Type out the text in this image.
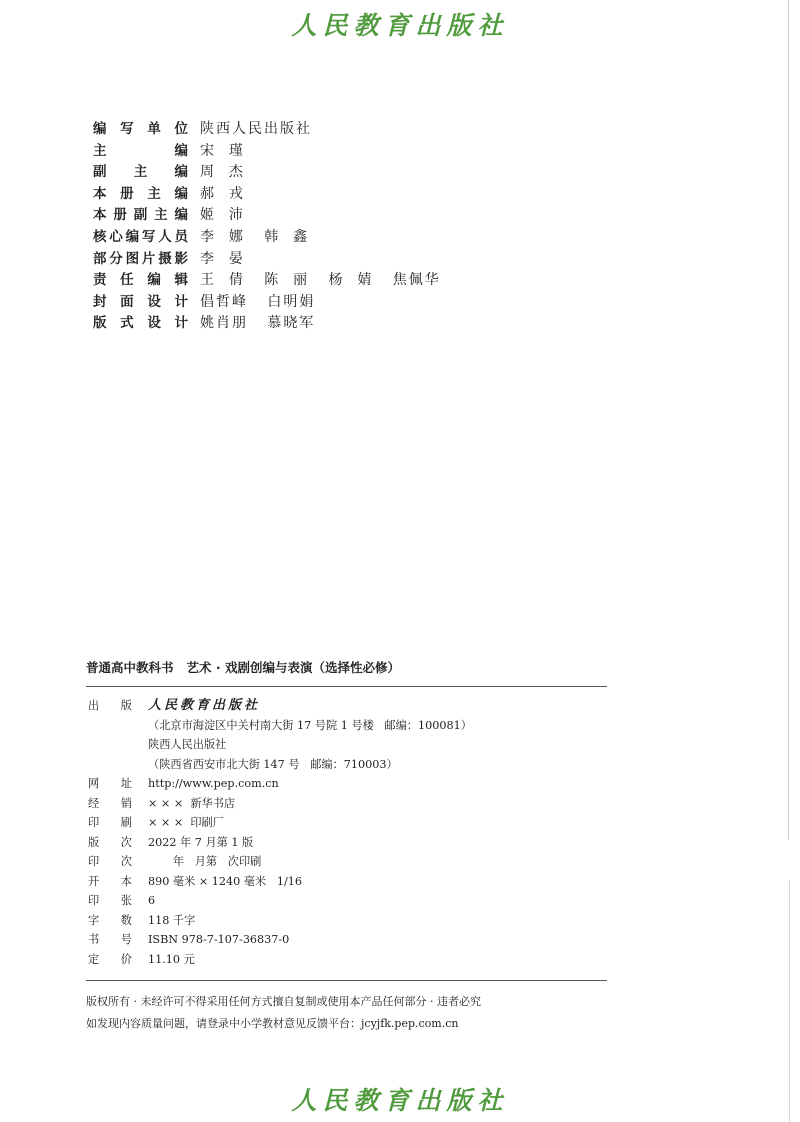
人民教育出版社
编 写 单 位 陕西人民出版社
主	编 宋  瑾
副 主 编 周  杰
本 册 主 编 郝  戎
本 册 副 主 编 姬  沛
核 心 编 写 人 员 李  娜   韩  鑫
部 分 图 片 摄 影 李  晏
责 任 编 辑 王  倩   陈  丽   杨  婧   焦佩华
封 面 设 计 倡哲峰   白明娟
版 式 设 计 姚肖朋   慕晓军
普通高中教科书   艺术 · 戏剧创编与表演（选择性必修）
出 版 人民教育出版社
（北京市海淀区中关村南大街 17 号院 1 号楼   邮编：100081）
陕西人民出版社
（陕西省西安市北大街 147 号   邮编：710003）
网 址 http://www.pep.com.cn
经 销 × × ×  新华书店
印 刷 × × ×  印刷厂
版 次 2022 年 7 月第 1 版
印 次 年   月第   次印刷
开 本 890 毫米 × 1240 毫米   1/16
印 张 6
字 数 118 千字
书 号 ISBN 978-7-107-36837-0
定 价 11.10 元
版权所有 · 未经许可不得采用任何方式擅自复制或使用本产品任何部分 · 违者必究
如发现内容质量问题，请登录中小学教材意见反馈平台：jcyjfk.pep.com.cn
人民教育出版社
